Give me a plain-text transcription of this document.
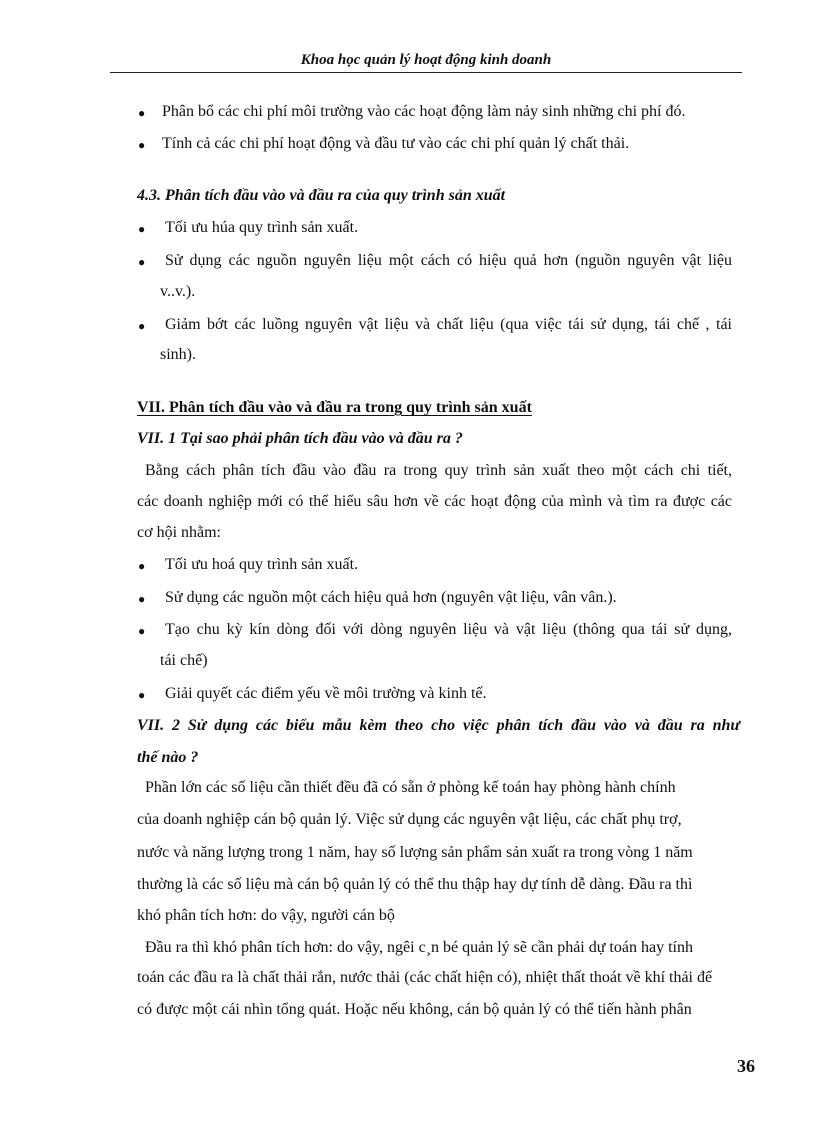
Khoa học quản lý hoạt động kinh doanh
● Phân bổ các chi phí môi trường vào các hoạt động làm nảy sinh những chi phí đó.
● Tính cả các chi phí hoạt động và đầu tư vào các chi phí quản lý chất thải.
4.3. Phân tích đầu vào và đầu ra của quy trình sản xuất
● Tối ưu húa quy trình sản xuất.
● Sử dụng các nguồn nguyên liệu một cách có hiệu quả hơn (nguồn nguyên vật liệu
v..v.).
● Giảm bớt các luồng nguyên vật liệu và chất liệu (qua việc tái sử dụng, tái chế , tái
sinh).
VII. Phân tích đầu vào và đầu ra trong quy trình sản xuất
VII. 1 Tại sao phải phân tích đầu vào và đầu ra ?
Bằng cách phân tích đầu vào đầu ra trong quy trình sản xuất theo một cách chi tiết,
các doanh nghiệp mới có thể hiểu sâu hơn về các hoạt động của mình và tìm ra được các
cơ hội nhằm:
● Tối ưu hoá quy trình sản xuất.
● Sử dụng các nguồn một cách hiệu quả hơn (nguyên vật liệu, vân vân.).
● Tạo chu kỳ kín dòng đối với dòng nguyên liệu và vật liệu (thông qua tái sử dụng,
tái chế)
● Giải quyết các điểm yếu về môi trường và kinh tế.
VII. 2 Sử dụng các biểu mẫu kèm theo cho việc phân tích đầu vào và đầu ra như
thế nào ?
Phần lớn các số liệu cần thiết đều đã có sẵn ở phòng kế toán hay phòng hành chính
của doanh nghiệp cán bộ quản lý. Việc sử dụng các nguyên vật liệu, các chất phụ trợ,
nước và năng lượng trong 1 năm, hay số lượng sản phẩm sản xuất ra trong vòng 1 năm
thường là các số liệu mà cán bộ quản lý có thể thu thập hay dự tính dễ dàng. Đầu ra thì
khó phân tích hơn: do vậy, người cán bộ
Đầu ra thì khó phân tích hơn: do vậy, ngêi c¸n bé quản lý sẽ cần phải dự toán hay tính
toán các đầu ra là chất thải rắn, nước thải (các chất hiện có), nhiệt thất thoát về khí thải để
có được một cái nhìn tổng quát. Hoặc nếu không, cán bộ quản lý có thể tiến hành phân
36
